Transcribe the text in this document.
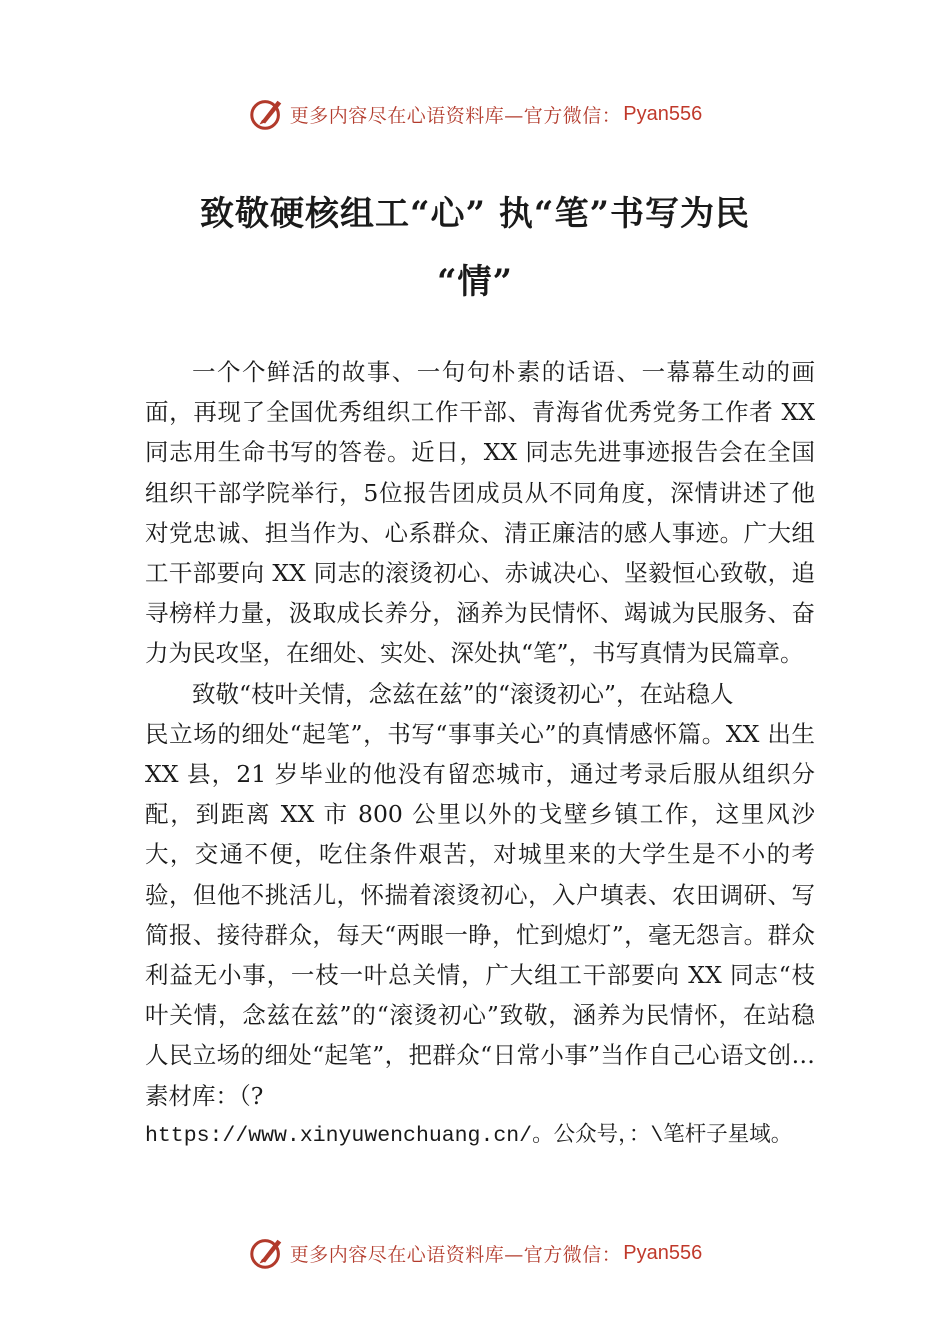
更多内容尽在心语资料库—官方微信： Pyan556
致敬硬核组工“心” 执“笔”书写为民
“情”

一个个鲜活的故事、一句句朴素的话语、一幕幕生动的画面，再现了全国优秀组织工作干部、青海省优秀党务工作者 XX 同志用生命书写的答卷。近日，XX 同志先进事迹报告会在全国组织干部学院举行，5位报告团成员从不同角度，深情讲述了他对党忠诚、担当作为、心系群众、清正廉洁的感人事迹。广大组工干部要向 XX 同志的滚烫初心、赤诚决心、坚毅恒心致敬，追寻榜样力量，汲取成长养分，涵养为民情怀、竭诚为民服务、奋力为民攻坚，在细处、实处、深处执“笔”，书写真情为民篇章。

致敬“枝叶关情，念兹在兹”的“滚烫初心”，在站稳人

民立场的细处“起笔”，书写“事事关心”的真情感怀篇。XX 出生 XX 县，21 岁毕业的他没有留恋城市，通过考录后服从组织分配，到距离 XX 市 800 公里以外的戈壁乡镇工作，这里风沙大，交通不便，吃住条件艰苦，对城里来的大学生是不小的考验，但他不挑活儿，怀揣着滚烫初心，入户填表、农田调研、写简报、接待群众，每天“两眼一睁，忙到熄灯”，毫无怨言。群众利益无小事，一枝一叶总关情，广大组工干部要向 XX 同志“枝叶关情，念兹在兹”的“滚烫初心”致敬，涵养为民情怀，在站稳人民立场的细处“起笔”，把群众“日常小事”当作自己心语文创…素材库：（?

https://www.xinyuwenchuang.cn/。公众号，：\笔杆子星域。

更多内容尽在心语资料库—官方微信： Pyan556
